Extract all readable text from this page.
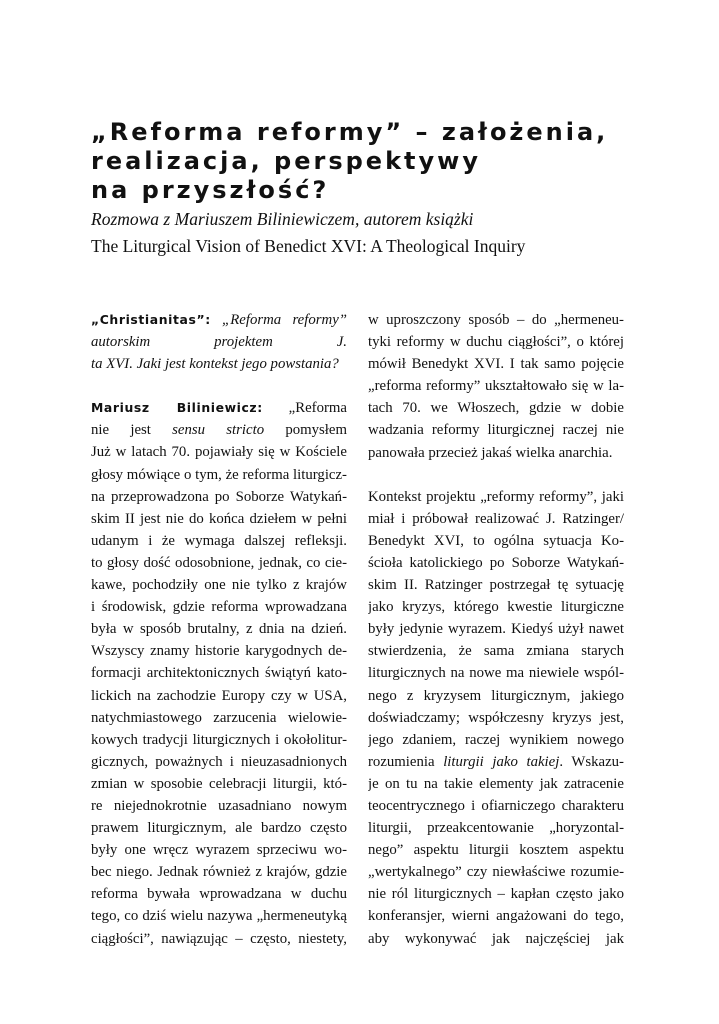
„Reforma reformy” – założenia,
realizacja, perspektywy
na przyszłość?
Rozmowa z Mariuszem Biliniewiczem, autorem książki
The Liturgical Vision of Benedict XVI: A Theological Inquiry
„Christianitas”: „Reforma reformy”
autorskim projektem J.
ta XVI. Jaki jest kontekst jego powstania?
Mariusz Biliniewicz: „Reforma
nie jest sensu stricto pomysłem
Już w latach 70. pojawiały się w Kościele
głosy mówiące o tym, że reforma liturgicz-
na przeprowadzona po Soborze Watykań-
skim II jest nie do końca dziełem w pełni
udanym i że wymaga dalszej refleksji.
to głosy dość odosobnione, jednak, co cie-
kawe, pochodziły one nie tylko z krajów
i środowisk, gdzie reforma wprowadzana
była w sposób brutalny, z dnia na dzień.
Wszyscy znamy historie karygodnych de-
formacji architektonicznych świątyń kato-
lickich na zachodzie Europy czy w USA,
natychmiastowego zarzucenia wielowie-
kowych tradycji liturgicznych i okołolitur-
gicznych, poważnych i nieuzasadnionych
zmian w sposobie celebracji liturgii, któ-
re niejednokrotnie uzasadniano nowym
prawem liturgicznym, ale bardzo często
były one wręcz wyrazem sprzeciwu wo-
bec niego. Jednak również z krajów, gdzie
reforma bywała wprowadzana w duchu
tego, co dziś wielu nazywa „hermeneutyką
ciągłości”, nawiązując – często, niestety,
w uproszczony sposób – do „hermeneu-
tyki reformy w duchu ciągłości”, o której
mówił Benedykt XVI. I tak samo pojęcie
„reforma reformy” ukształtowało się w la-
tach 70. we Włoszech, gdzie w dobie
wadzania reformy liturgicznej raczej nie
panowała przecież jakaś wielka anarchia.
Kontekst projektu „reformy reformy”, jaki
miał i próbował realizować J. Ratzinger/
Benedykt XVI, to ogólna sytuacja Ko-
ścioła katolickiego po Soborze Watykań-
skim II. Ratzinger postrzegał tę sytuację
jako kryzys, którego kwestie liturgiczne
były jedynie wyrazem. Kiedyś użył nawet
stwierdzenia, że sama zmiana starych
liturgicznych na nowe ma niewiele wspól-
nego z kryzysem liturgicznym, jakiego
doświadczamy; współczesny kryzys jest,
jego zdaniem, raczej wynikiem nowego
rozumienia liturgii jako takiej. Wskazu-
je on tu na takie elementy jak zatracenie
teocentrycznego i ofiarniczego charakteru
liturgii, przeakcentowanie „horyzontal-
nego” aspektu liturgii kosztem aspektu
„wertykalnego” czy niewłaściwe rozumie-
nie ról liturgicznych – kapłan często jako
konferansjer, wierni angażowani do tego,
aby wykonywać jak najczęściej jak
